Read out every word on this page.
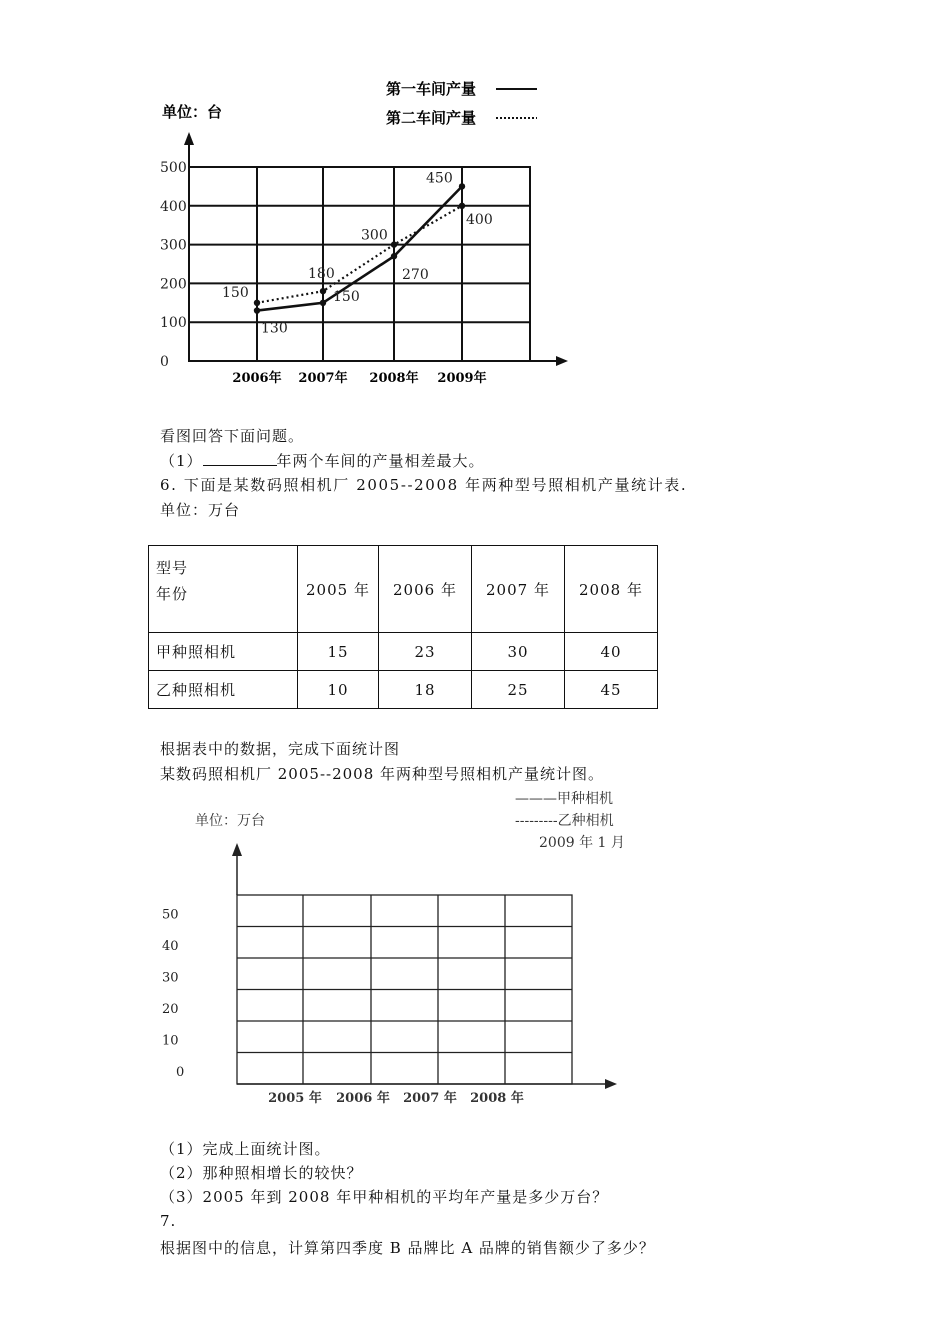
0
100
200
300
400
500
2006年 2007年 2008年 2009年
130
150
270
450
150
180
300
400
单位：台
第一车间产量
第二车间产量
看图回答下面问题。
（1）	年两个车间的产量相差最大。
6. 下面是某数码照相机厂 2005--2008 年两种型号照相机产量统计表.
单位：万台
型号
年份	2005 年	2006 年	2007 年	2008 年
甲种照相机	15	23	30	40
乙种照相机	10	18	25	45
根据表中的数据，完成下面统计图
某数码照相机厂 2005--2008 年两种型号照相机产量统计图。
0
10
20
30
40
50
2005 年 2006 年 2007 年 2008 年
单位：万台
———甲种相机
---------乙种相机
2009 年 1 月
（1）完成上面统计图。
（2）那种照相增长的较快？
（3）2005 年到 2008 年甲种相机的平均年产量是多少万台？
7.
根据图中的信息，计算第四季度 B 品牌比 A 品牌的销售额少了多少？
